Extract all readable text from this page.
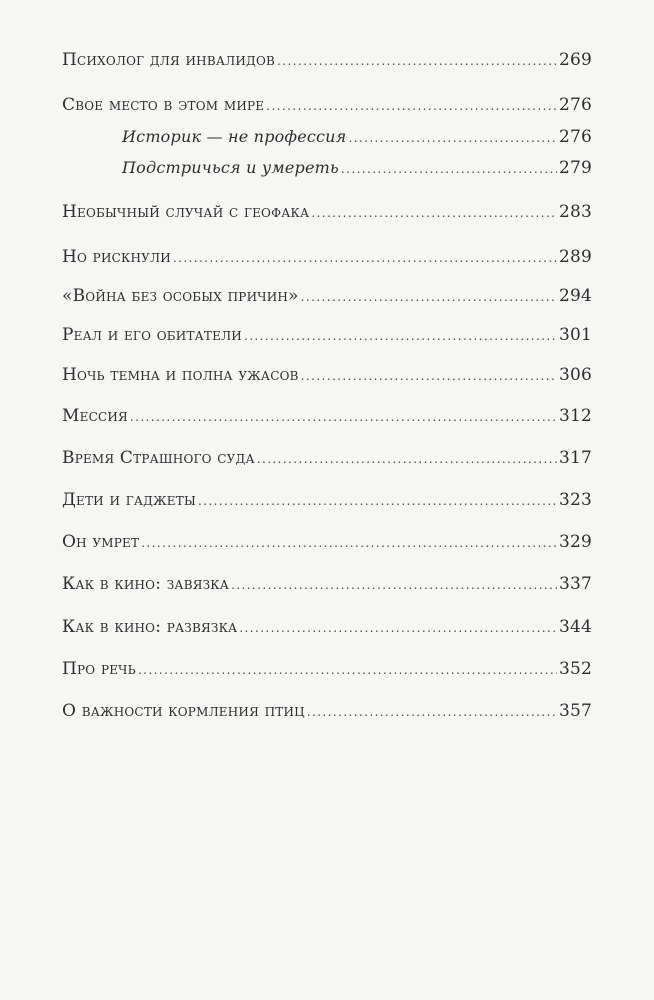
Психолог для инвалидов .....	269
Свое место в этом мире .....	276
Историк — не профессия .....	276
Подстричься и умереть .....	279
Необычный случай с геофака .....	283
Но рискнули .....	289
«Война без особых причин» .....	294
Реал и его обитатели .....	301
Ночь темна и полна ужасов .....	306
Мессия .....	312
Время Страшного суда .....	317
Дети и гаджеты .....	323
Он умрет .....	329
Как в кино: завязка .....	337
Как в кино: развязка .....	344
Про речь .....	352
О важности кормления птиц .....	357
